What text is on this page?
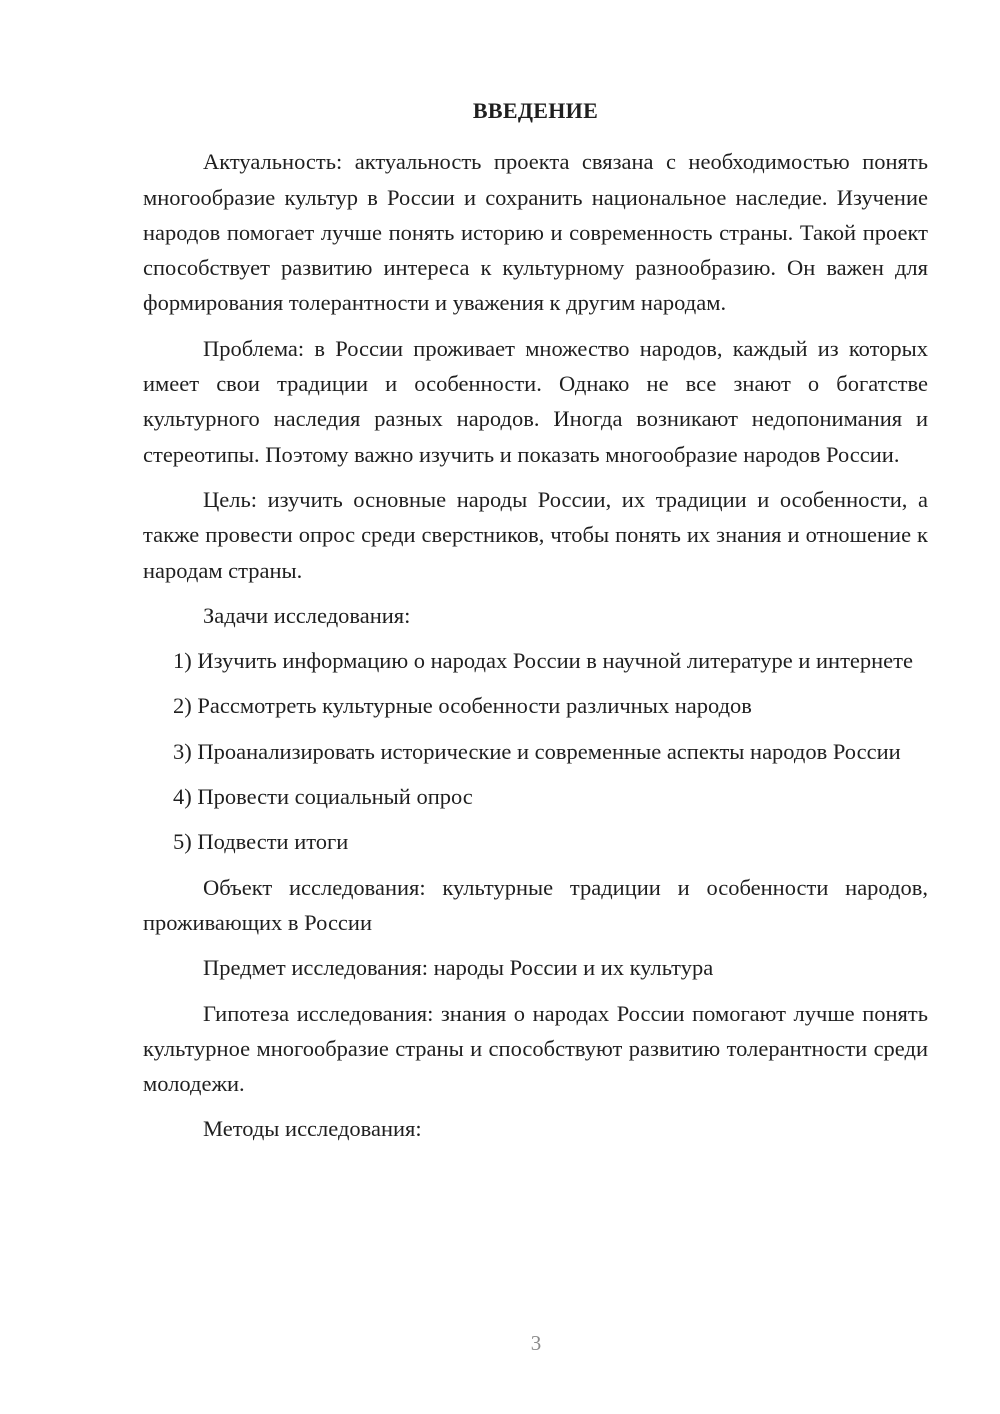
ВВЕДЕНИЕ

Актуальность: актуальность проекта связана с необходимостью понять многообразие культур в России и сохранить национальное наследие. Изучение народов помогает лучше понять историю и современность страны. Такой проект способствует развитию интереса к культурному разнообразию. Он важен для формирования толерантности и уважения к другим народам.

Проблема: в России проживает множество народов, каждый из которых имеет свои традиции и особенности. Однако не все знают о богатстве культурного наследия разных народов. Иногда возникают недопонимания и стереотипы. Поэтому важно изучить и показать многообразие народов России.

Цель: изучить основные народы России, их традиции и особенности, а также провести опрос среди сверстников, чтобы понять их знания и отношение к народам страны.

Задачи исследования:

1) Изучить информацию о народах России в научной литературе и интернете

2) Рассмотреть культурные особенности различных народов

3) Проанализировать исторические и современные аспекты народов России

4) Провести социальный опрос

5) Подвести итоги

Объект исследования: культурные традиции и особенности народов, проживающих в России

Предмет исследования: народы России и их культура

Гипотеза исследования: знания о народах России помогают лучше понять культурное многообразие страны и способствуют развитию толерантности среди молодежи.

Методы исследования:

3
